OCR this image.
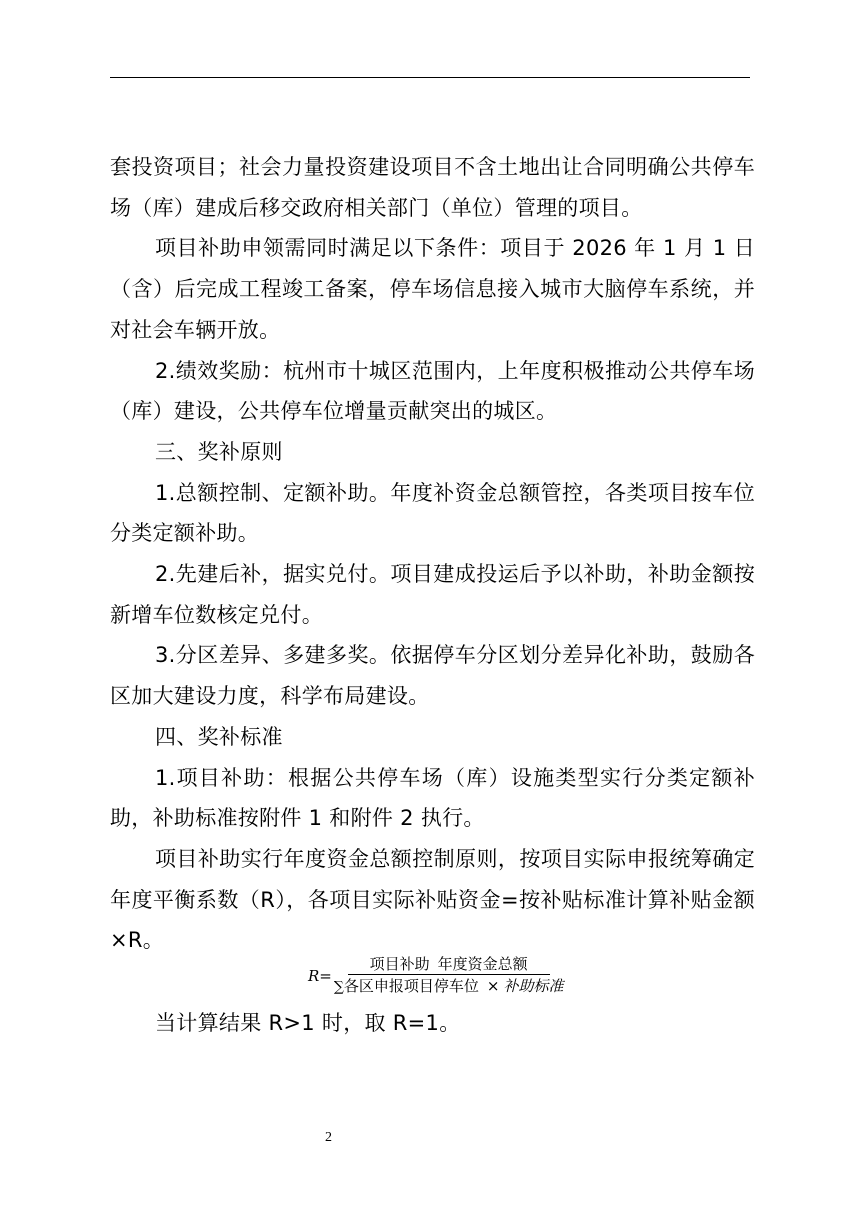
套投资项目；社会力量投资建设项目不含土地出让合同明确公共停车场（库）建成后移交政府相关部门（单位）管理的项目。

项目补助申领需同时满足以下条件：项目于 2026 年 1 月 1 日（含）后完成工程竣工备案，停车场信息接入城市大脑停车系统，并对社会车辆开放。

2.绩效奖励：杭州市十城区范围内，上年度积极推动公共停车场（库）建设，公共停车位增量贡献突出的城区。

三、奖补原则

1.总额控制、定额补助。年度补资金总额管控，各类项目按车位分类定额补助。

2.先建后补，据实兑付。项目建成投运后予以补助，补助金额按新增车位数核定兑付。

3.分区差异、多建多奖。依据停车分区划分差异化补助，鼓励各区加大建设力度，科学布局建设。

四、奖补标准

1.项目补助：根据公共停车场（库）设施类型实行分类定额补助，补助标准按附件 1 和附件 2 执行。

项目补助实行年度资金总额控制原则，按项目实际申报统筹确定年度平衡系数（R），各项目实际补贴资金=按补贴标准计算补贴金额×R。

$R= \frac{\text{项目补助 年度资金总额}}{\text{∑各区申报项目停车位 × 补助标准}}$

当计算结果 R>1 时，取 R=1。

2
